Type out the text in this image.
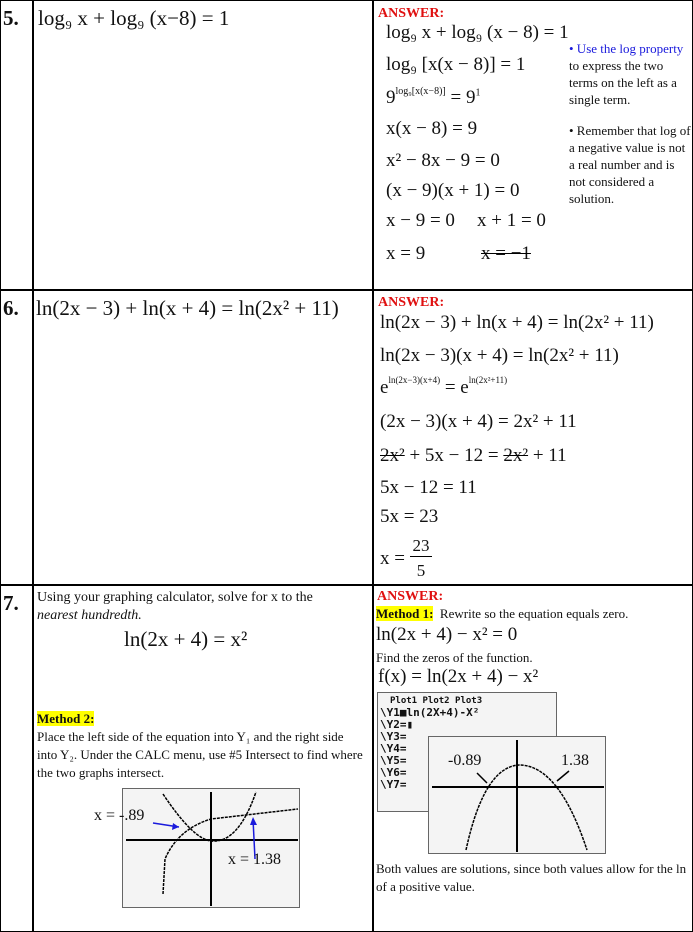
5. log₉ x + log₉ (x−8) = 1	ANSWER:
log₉ x + log₉ (x − 8) = 1
log₉ [x(x − 8)] = 1
$9^{log_9[x(x-8)]} = 9^1$
x(x − 8) = 9
x² − 8x − 9 = 0
(x − 9)(x + 1) = 0
x − 9 = 0 x + 1 = 0
x = 9	x = −1
• Use the log property to express the two terms on the left as a single term.
• Remember that log of a negative value is not a real number and is not considered a solution.
6. ln(2x − 3) + ln(x + 4) = ln(2x² + 11)	ANSWER:
ln(2x − 3) + ln(x + 4) = ln(2x² + 11)
ln(2x − 3)(x + 4) = ln(2x² + 11)
$e^{ln(2x-3)(x+4)} = e^{ln(2x^2+11)}$
(2x − 3)(x + 4) = 2x² + 11
2x² + 5x − 12 = 2x² + 11
5x − 12 = 11
5x = 23
x =
23
5
7. Using your graphing calculator, solve for x to the
nearest hundredth.
ln(2x + 4) = x²
Method 2:
Place the left side of the equation into Y₁ and the right side into Y₂. Under the CALC menu, use #5 Intersect to find where the two graphs intersect.
x = -.89
x = 1.38
ANSWER:
Method 1: Rewrite so the equation equals zero.
ln(2x + 4) − x² = 0
Find the zeros of the function.
f(x) = ln(2x + 4) − x²
Plot1 Plot2 Plot3
\Y1■ln(2X+4)-X²
\Y2=▮
\Y3=
\Y4=
\Y5=
\Y6=
\Y7=
-0.89	1.38
Both values are solutions, since both values allow for the ln of a positive value.
